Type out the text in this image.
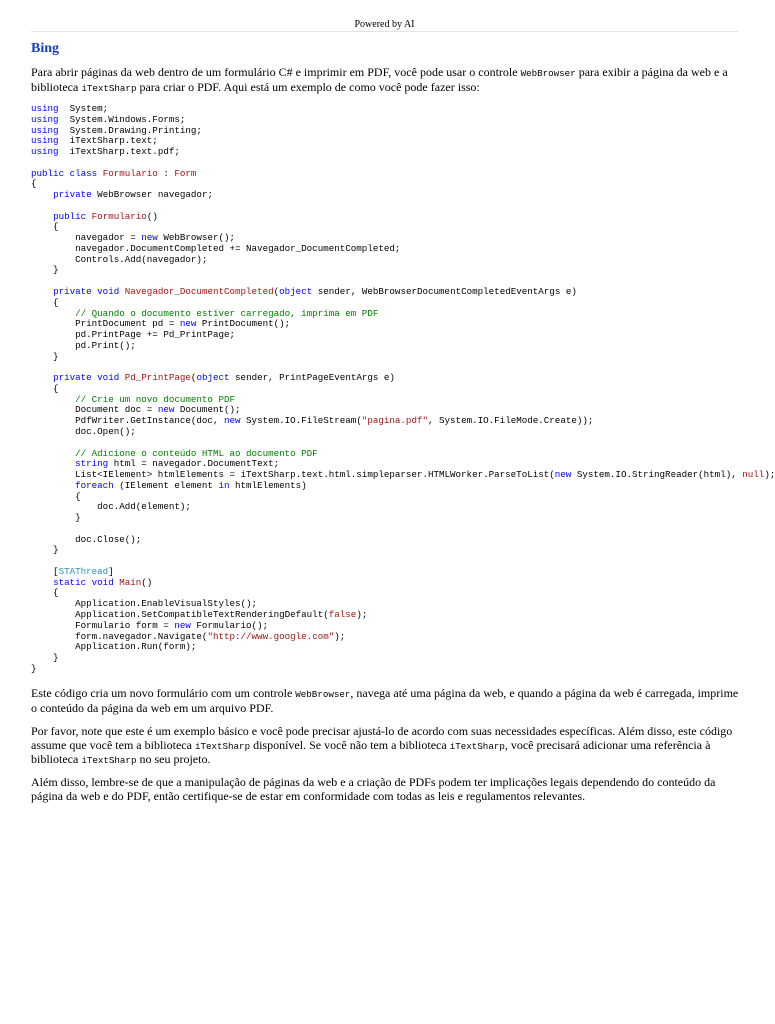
Powered by AI
Bing

Para abrir páginas da web dentro de um formulário C# e imprimir em PDF, você pode usar o controle WebBrowser para exibir a página da web e a biblioteca iTextSharp para criar o PDF. Aqui está um exemplo de como você pode fazer isso:

using  System;
using  System.Windows.Forms;
using  System.Drawing.Printing;
using  iTextSharp.text;
using  iTextSharp.text.pdf;

public class Formulario : Form
{
private WebBrowser navegador;

public Formulario()
{
navegador = new WebBrowser();
navegador.DocumentCompleted += Navegador_DocumentCompleted;
Controls.Add(navegador);
}

private void Navegador_DocumentCompleted(object sender, WebBrowserDocumentCompletedEventArgs e)
{
// Quando o documento estiver carregado, imprima em PDF
PrintDocument pd = new PrintDocument();
pd.PrintPage += Pd_PrintPage;
pd.Print();
}

private void Pd_PrintPage(object sender, PrintPageEventArgs e)
{
// Crie um novo documento PDF
Document doc = new Document();
PdfWriter.GetInstance(doc, new System.IO.FileStream("pagina.pdf", System.IO.FileMode.Create));
doc.Open();

// Adicione o conteúdo HTML ao documento PDF
string html = navegador.DocumentText;
List<IElement> htmlElements = iTextSharp.text.html.simpleparser.HTMLWorker.ParseToList(new System.IO.StringReader(html), null);
foreach (IElement element in htmlElements)
{
doc.Add(element);
}

doc.Close();
}

[STAThread]
static void Main()
{
Application.EnableVisualStyles();
Application.SetCompatibleTextRenderingDefault(false);
Formulario form = new Formulario();
form.navegador.Navigate("http://www.google.com");
Application.Run(form);
}
}

Este código cria um novo formulário com um controle WebBrowser, navega até uma página da web, e quando a página da web é carregada, imprime o conteúdo da página da web em um arquivo PDF.

Por favor, note que este é um exemplo básico e você pode precisar ajustá-lo de acordo com suas necessidades específicas. Além disso, este código assume que você tem a biblioteca iTextSharp disponível. Se você não tem a biblioteca iTextSharp, você precisará adicionar uma referência à biblioteca iTextSharp no seu projeto.

Além disso, lembre-se de que a manipulação de páginas da web e a criação de PDFs podem ter implicações legais dependendo do conteúdo da página da web e do PDF, então certifique-se de estar em conformidade com todas as leis e regulamentos relevantes.
